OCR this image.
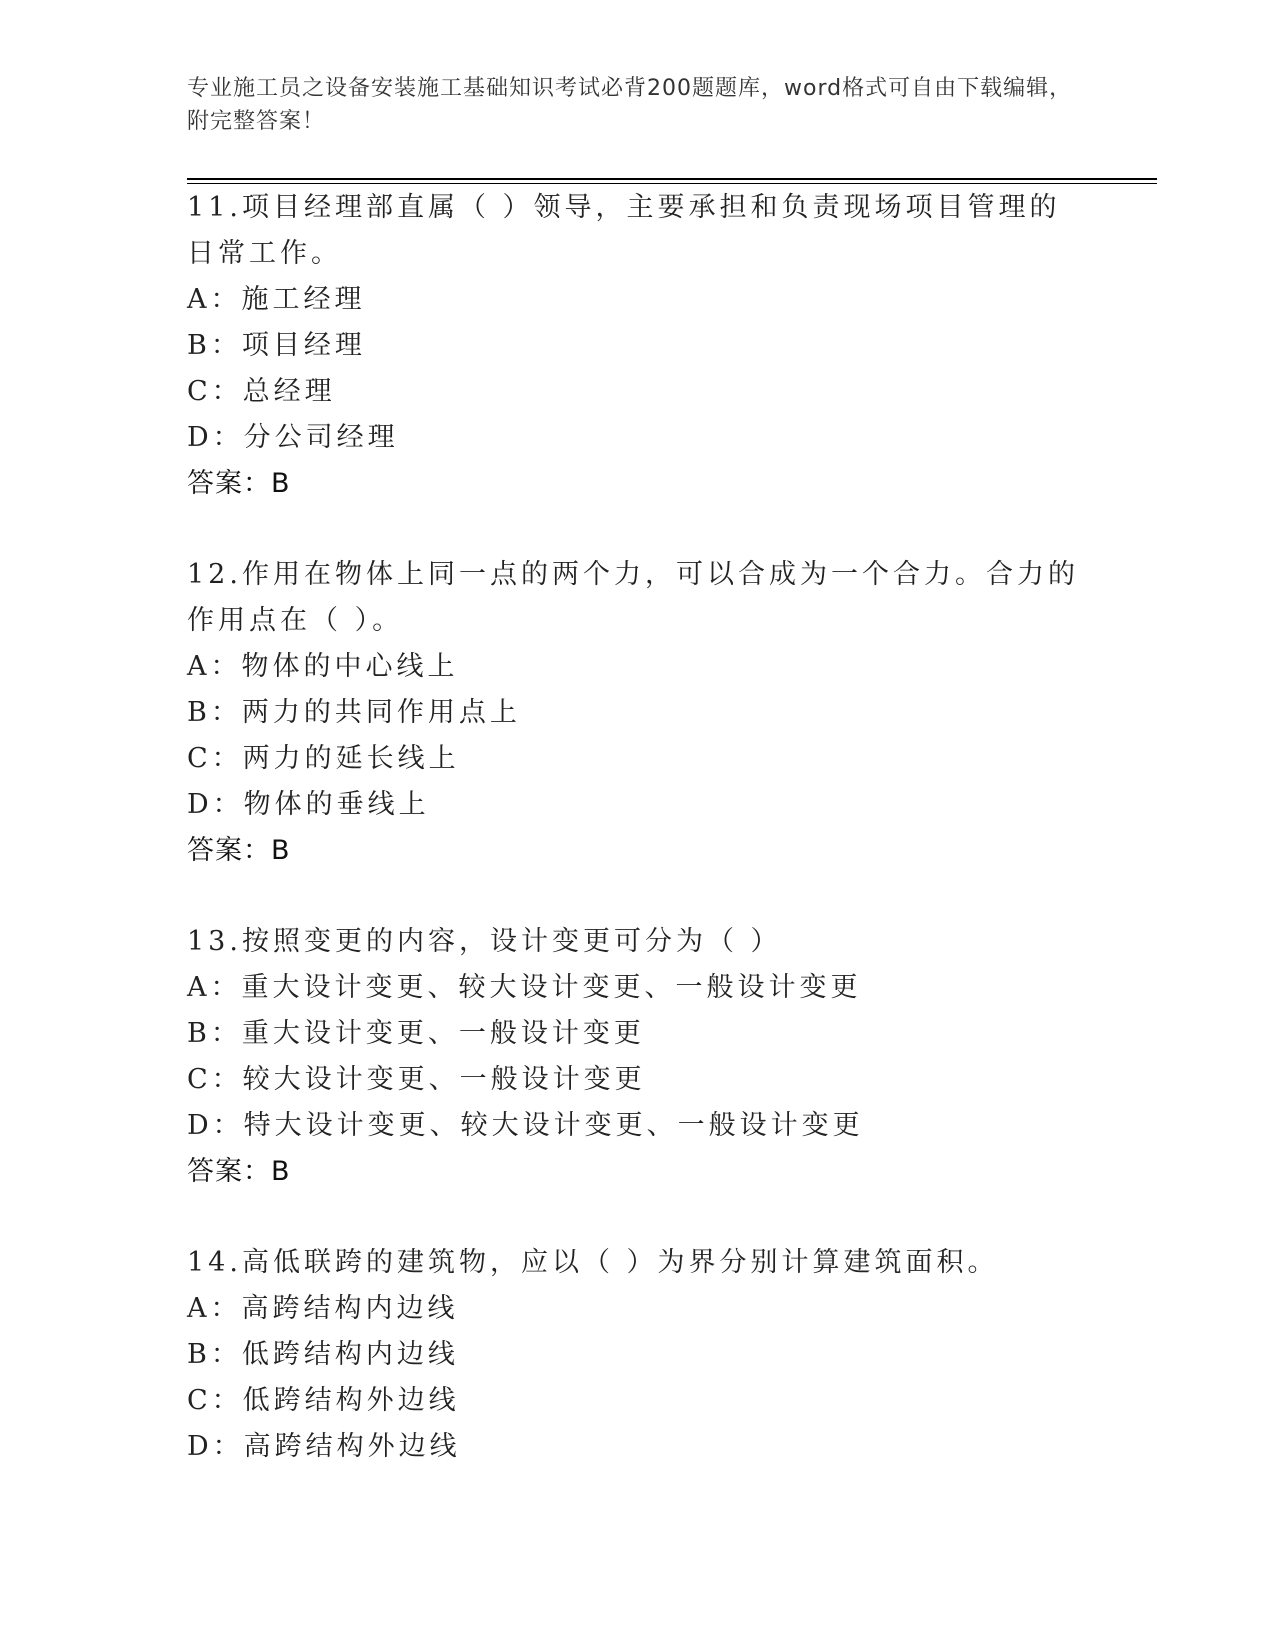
专业施工员之设备安装施工基础知识考试必背200题题库，word格式可自由下载编辑，附完整答案！
11 . 项目经理部直属（ ）领导，主要承担和负责现场项目管理的日常工作。
A：施工经理
B：项目经理
C：总经理
D：分公司经理
答案：B
12 . 作用在物体上同一点的两个力，可以合成为一个合力。合力的作用点在（ ）。
A：物体的中心线上
B：两力的共同作用点上
C：两力的延长线上
D：物体的垂线上
答案：B
13 . 按照变更的内容，设计变更可分为（ ）
A：重大设计变更、较大设计变更、一般设计变更
B：重大设计变更、一般设计变更
C：较大设计变更、一般设计变更
D：特大设计变更、较大设计变更、一般设计变更
答案：B
14 . 高低联跨的建筑物，应以（ ）为界分别计算建筑面积。
A：高跨结构内边线
B：低跨结构内边线
C：低跨结构外边线
D：高跨结构外边线
